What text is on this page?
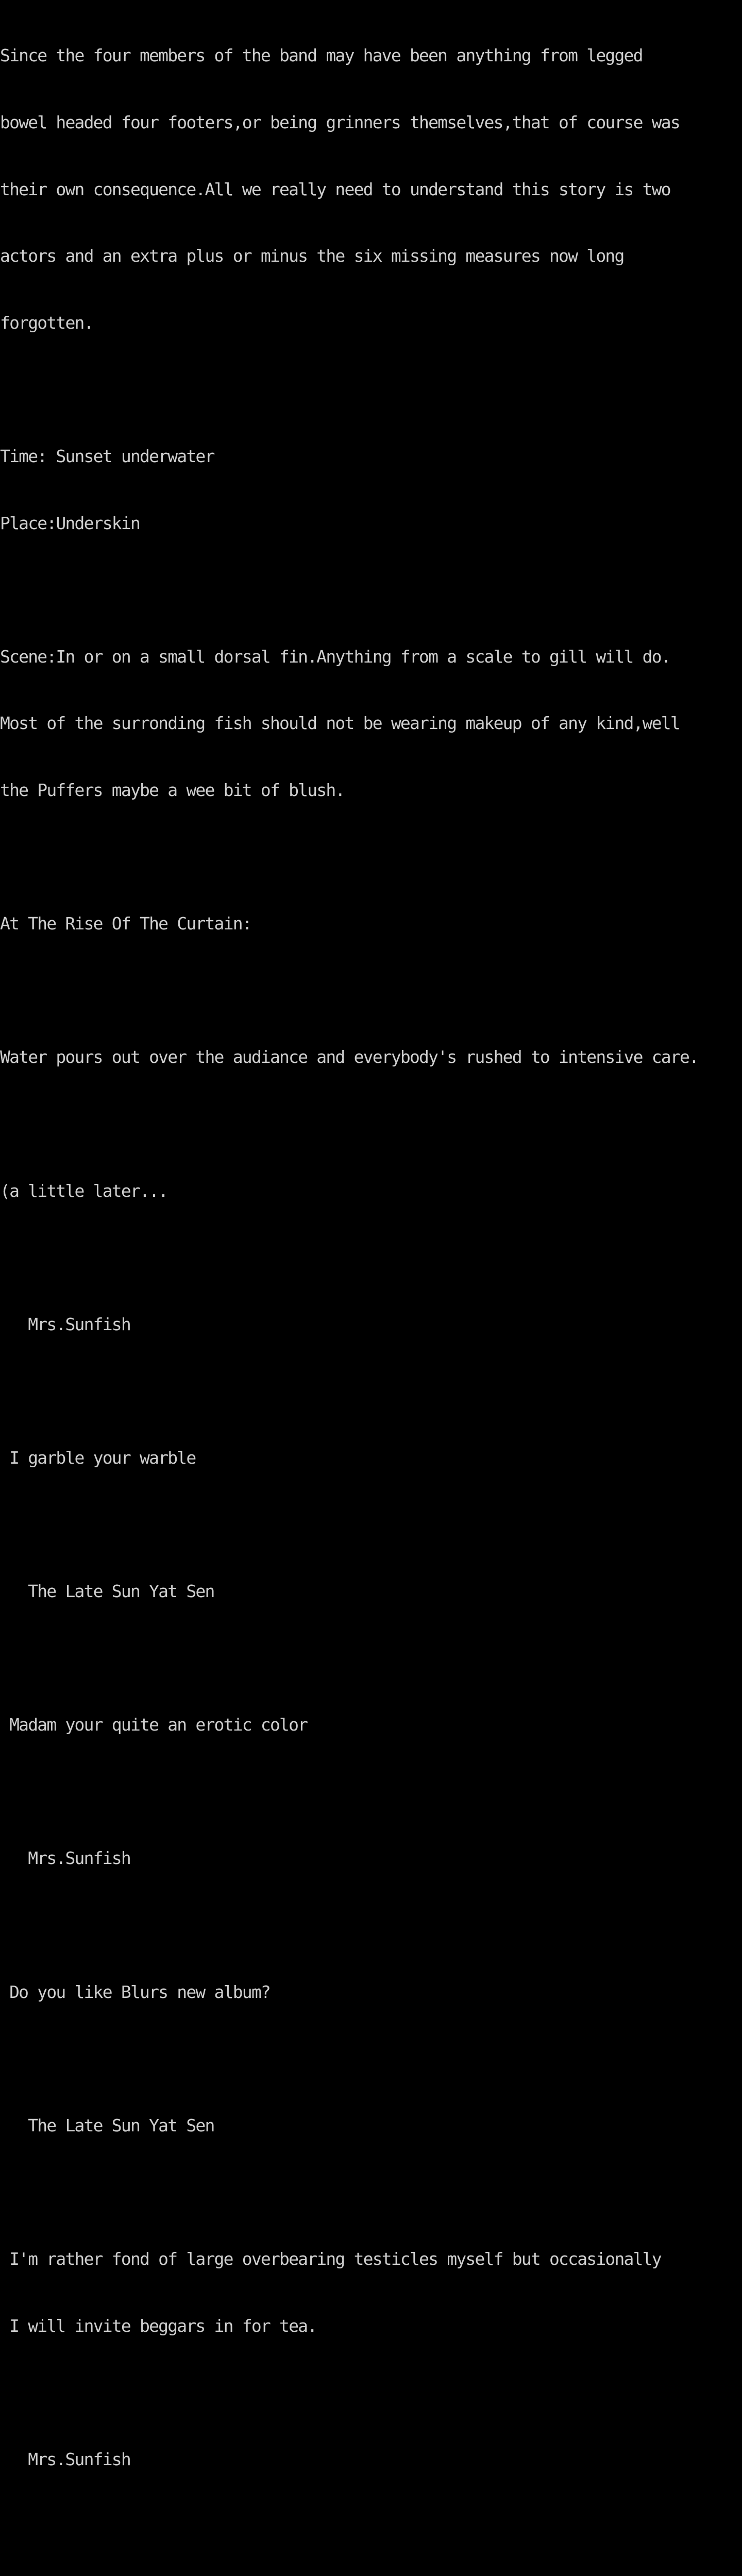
Since the four members of the band may have been anything from legged

bowel headed four footers,or being grinners themselves,that of course was

their own consequence.All we really need to understand this story is two

actors and an extra plus or minus the six missing measures now long

forgotten.

Time: Sunset underwater

Place:Underskin

Scene:In or on a small dorsal fin.Anything from a scale to gill will do.

Most of the surronding fish should not be wearing makeup of any kind,well

the Puffers maybe a wee bit of blush.

At The Rise Of The Curtain:

Water pours out over the audiance and everybody's rushed to intensive care.

(a little later...

Mrs.Sunfish

I garble your warble

The Late Sun Yat Sen

Madam your quite an erotic color

Mrs.Sunfish

Do you like Blurs new album?

The Late Sun Yat Sen

I'm rather fond of large overbearing testicles myself but occasionally

I will invite beggars in for tea.

Mrs.Sunfish
